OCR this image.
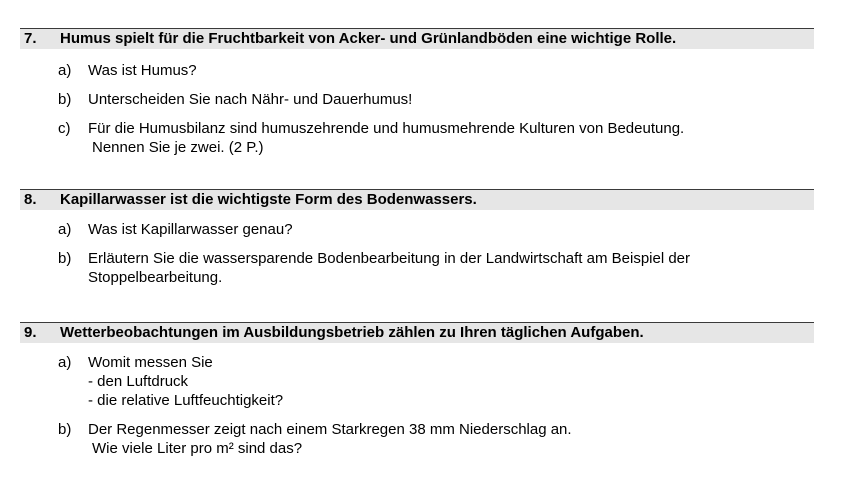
7. Humus spielt für die Fruchtbarkeit von Acker- und Grünlandböden eine wichtige Rolle.
a) Was ist Humus?
b) Unterscheiden Sie nach Nähr- und Dauerhumus!
c) Für die Humusbilanz sind humuszehrende und humusmehrende Kulturen von Bedeutung.
Nennen Sie je zwei. (2 P.)
8. Kapillarwasser ist die wichtigste Form des Bodenwassers.
a) Was ist Kapillarwasser genau?
b) Erläutern Sie die wassersparende Bodenbearbeitung in der Landwirtschaft am Beispiel der
Stoppelbearbeitung.
9. Wetterbeobachtungen im Ausbildungsbetrieb zählen zu Ihren täglichen Aufgaben.
a) Womit messen Sie
- den Luftdruck
- die relative Luftfeuchtigkeit?
b) Der Regenmesser zeigt nach einem Starkregen 38 mm Niederschlag an.
Wie viele Liter pro m² sind das?
